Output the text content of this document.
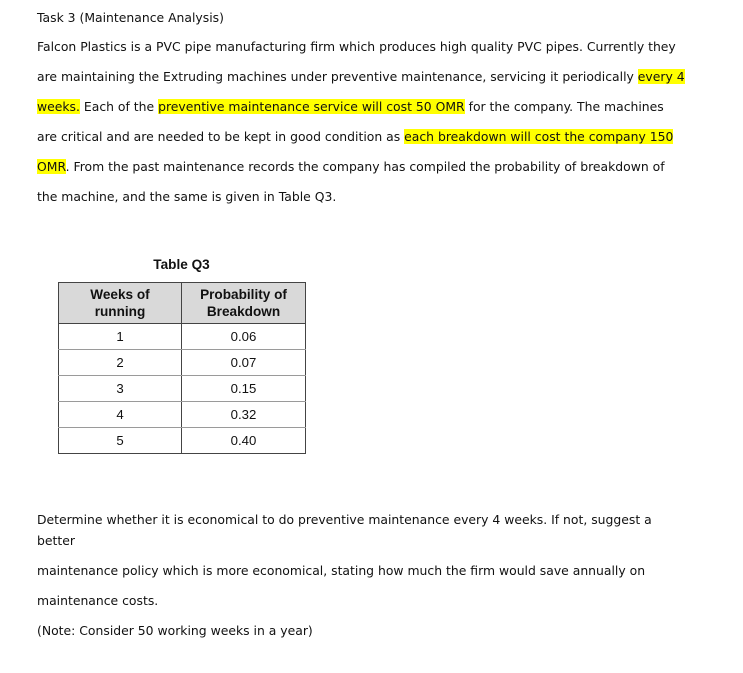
Task 3 (Maintenance Analysis)
Falcon Plastics is a PVC pipe manufacturing firm which produces high quality PVC pipes. Currently they
are maintaining the Extruding machines under preventive maintenance, servicing it periodically every 4
weeks. Each of the preventive maintenance service will cost 50 OMR for the company. The machines
are critical and are needed to be kept in good condition as each breakdown will cost the company 150
OMR. From the past maintenance records the company has compiled the probability of breakdown of
the machine, and the same is given in Table Q3.
Table Q3
Weeks of
running	Probability of
Breakdown
1	0.06
2	0.07
3	0.15
4	0.32
5	0.40
Determine whether it is economical to do preventive maintenance every 4 weeks. If not, suggest a
better
maintenance policy which is more economical, stating how much the firm would save annually on
maintenance costs.
(Note: Consider 50 working weeks in a year)
